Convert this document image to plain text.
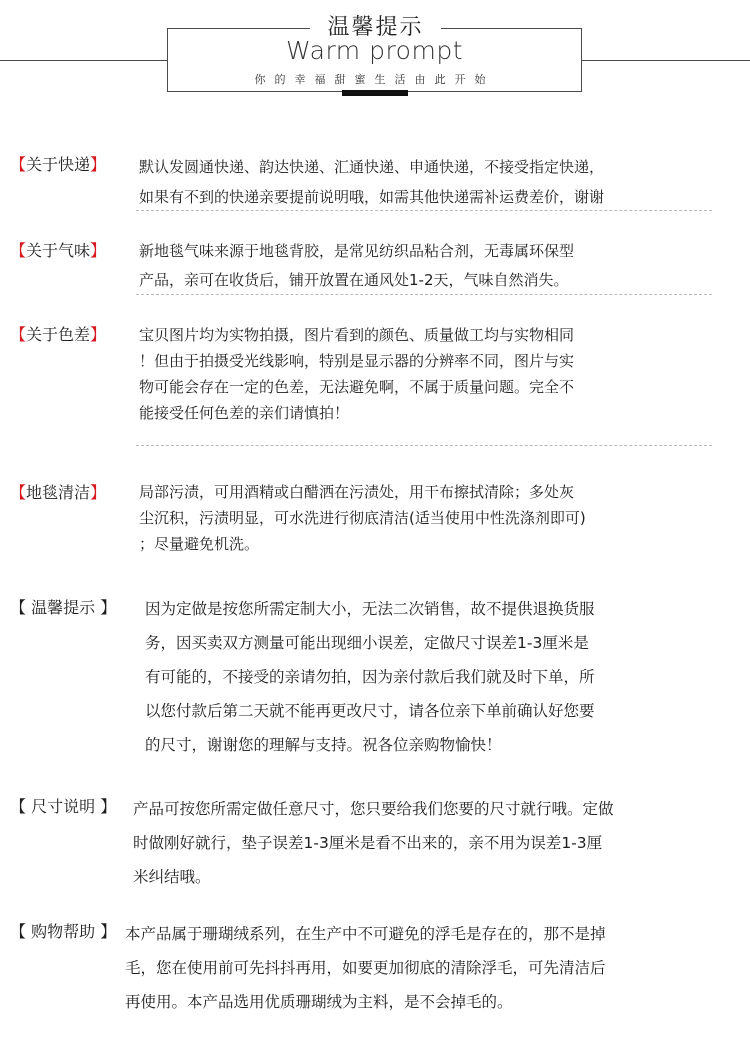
温馨提示
Warm prompt
你的幸福甜蜜生活由此开始
【关于快递】 默认发圆通快递、韵达快递、汇通快递、申通快递，不接受指定快递，
如果有不到的快递亲要提前说明哦，如需其他快递需补运费差价，谢谢
【关于气味】 新地毯气味来源于地毯背胶，是常见纺织品粘合剂，无毒属环保型
产品，亲可在收货后，铺开放置在通风处1-2天，气味自然消失。
【关于色差】 宝贝图片均为实物拍摄，图片看到的颜色、质量做工均与实物相同
！但由于拍摄受光线影响，特别是显示器的分辨率不同，图片与实
物可能会存在一定的色差，无法避免啊，不属于质量问题。完全不
能接受任何色差的亲们请慎拍！
【地毯清洁】 局部污渍，可用酒精或白醋洒在污渍处，用干布擦拭清除；多处灰
尘沉积，污渍明显，可水洗进行彻底清洁(适当使用中性洗涤剂即可)
；尽量避免机洗。
【 温馨提示 】 因为定做是按您所需定制大小，无法二次销售，故不提供退换货服
务，因买卖双方测量可能出现细小误差，定做尺寸误差1-3厘米是
有可能的，不接受的亲请勿拍，因为亲付款后我们就及时下单，所
以您付款后第二天就不能再更改尺寸，请各位亲下单前确认好您要
的尺寸，谢谢您的理解与支持。祝各位亲购物愉快！
【 尺寸说明 】 产品可按您所需定做任意尺寸，您只要给我们您要的尺寸就行哦。定做
时做刚好就行，垫子误差1-3厘米是看不出来的，亲不用为误差1-3厘
米纠结哦。
【 购物帮助 】 本产品属于珊瑚绒系列，在生产中不可避免的浮毛是存在的，那不是掉
毛，您在使用前可先抖抖再用，如要更加彻底的清除浮毛，可先清洁后
再使用。本产品选用优质珊瑚绒为主料，是不会掉毛的。
